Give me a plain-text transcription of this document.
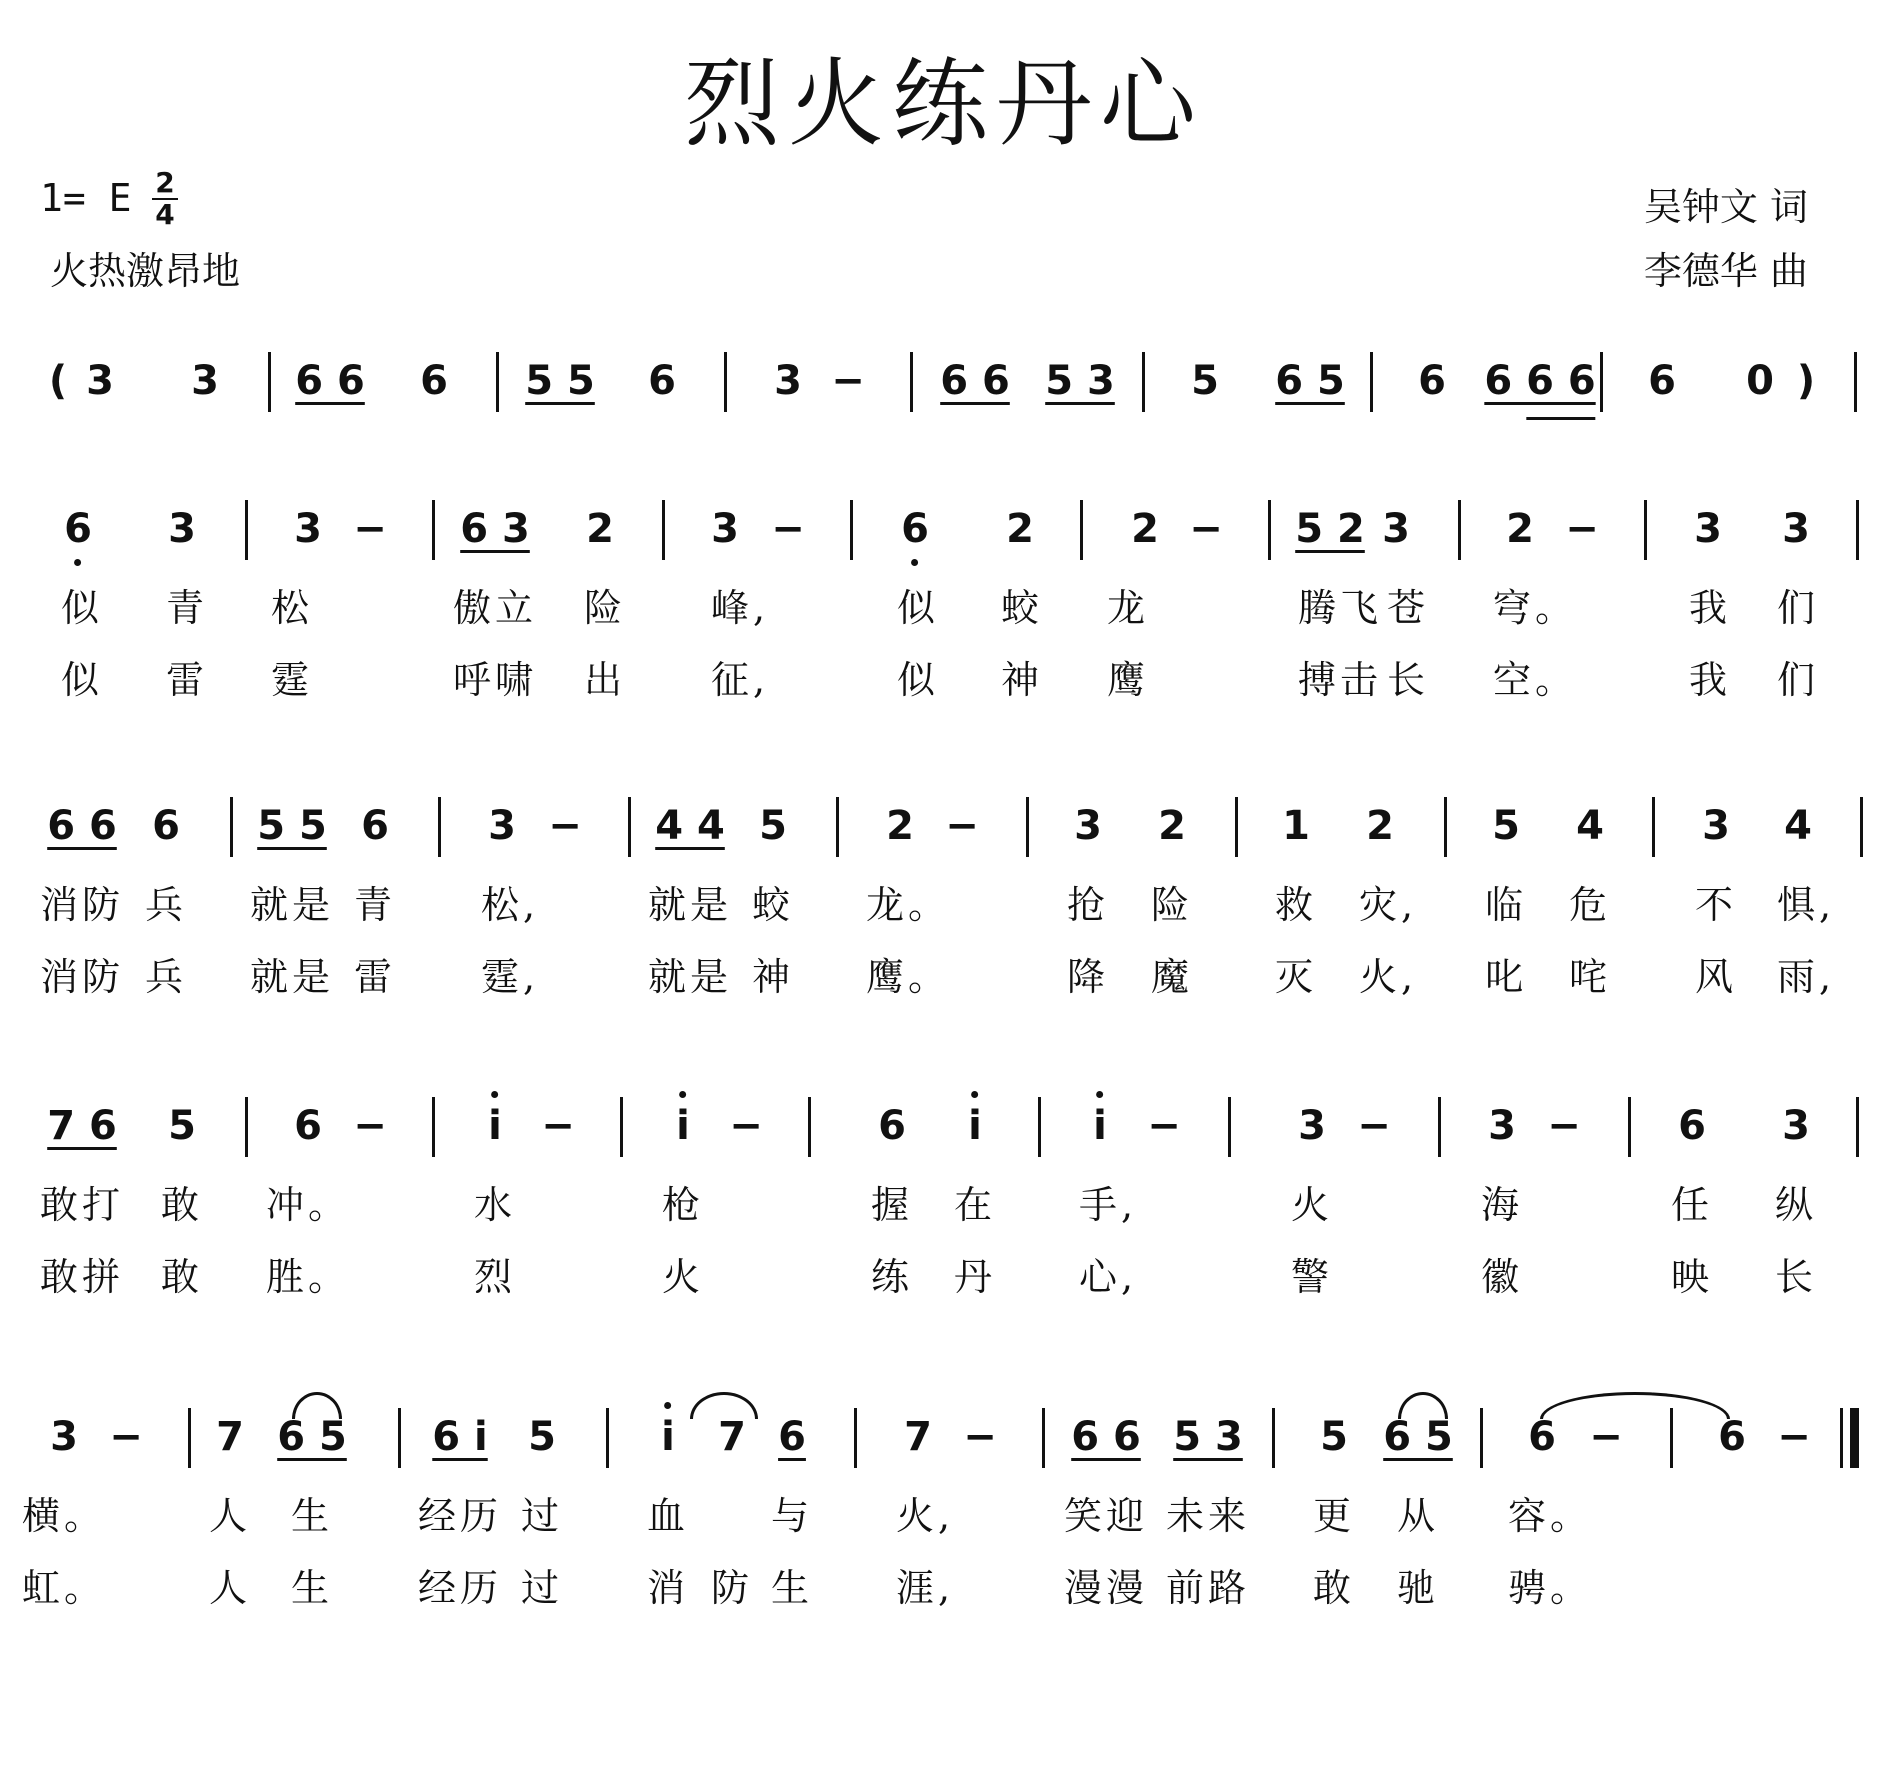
烈火练丹心
1= E 2
4
火热激昂地
吴钟文 词
李德华 曲
( 3 3 6 6 6 5 5 6 3 − 6 6 5 3 5 6 5 6 6 6 6 6 0 )
6 3 3 − 6 3 2 3 − 6 2 2 − 5 2 3 2 − 3 3
似 青 松	傲立 险 峰,	似 蛟 龙	腾飞 苍 穹。	我 们
似 雷 霆	呼啸 出 征,	似 神 鹰	搏击 长 空。	我 们
6 6 6 5 5 6 3 − 4 4 5 2 − 3 2 1 2 5 4 3 4
消防 兵 就是 青 松,	就是 蛟 龙。	抢 险 救 灾, 临 危 不 惧,
消防 兵 就是 雷 霆,	就是 神 鹰。	降 魔 灭 火, 叱 咤 风 雨,
7 6 5 6 −	i −	i −	6 i	i −	3 − 3 − 6 3
敢打 敢 冲。	水	枪	握 在 手,	火	海	任 纵
敢拼 敢 胜。	烈	火	练 丹 心,	警	徽	映 长
3 − 7 6 5 6 i 5	i 7 6 7 − 6 6 5 3 5 6 5 6 − 6 −
横。	人 生 经历 过 血 与 火,	笑迎 未来 更 从 容。
虹。	人 生 经历 过 消 防 生 涯,	漫漫 前路 敢 驰 骋。
